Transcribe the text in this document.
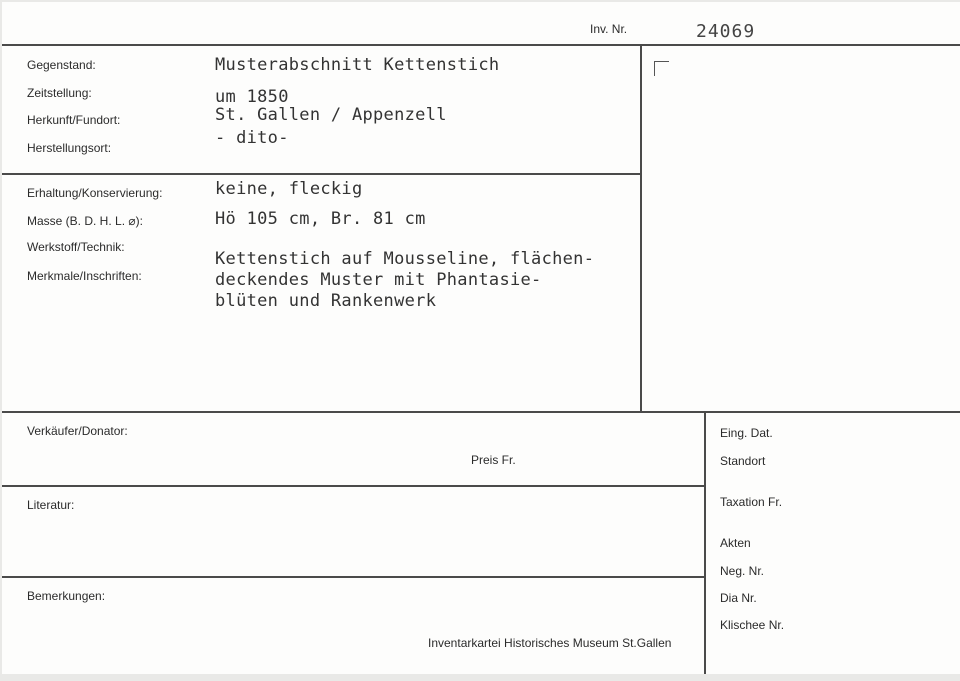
Inv. Nr.	24069
Gegenstand:
Zeitstellung:
Herkunft/Fundort:
Herstellungsort:
Musterabschnitt Kettenstich
um 1850
St. Gallen / Appenzell
- dito-
Erhaltung/Konservierung:
Masse (B. D. H. L. ⌀):
Werkstoff/Technik:
Merkmale/Inschriften:
keine, fleckig
Hö 105 cm, Br. 81 cm
Kettenstich auf Mousseline, flächen-
deckendes Muster mit Phantasie-
blüten und Rankenwerk
Verkäufer/Donator:
Preis Fr.
Literatur:
Bemerkungen:
Inventarkartei Historisches Museum St.Gallen
Eing. Dat.
Standort
Taxation Fr.
Akten
Neg. Nr.
Dia Nr.
Klischee Nr.
